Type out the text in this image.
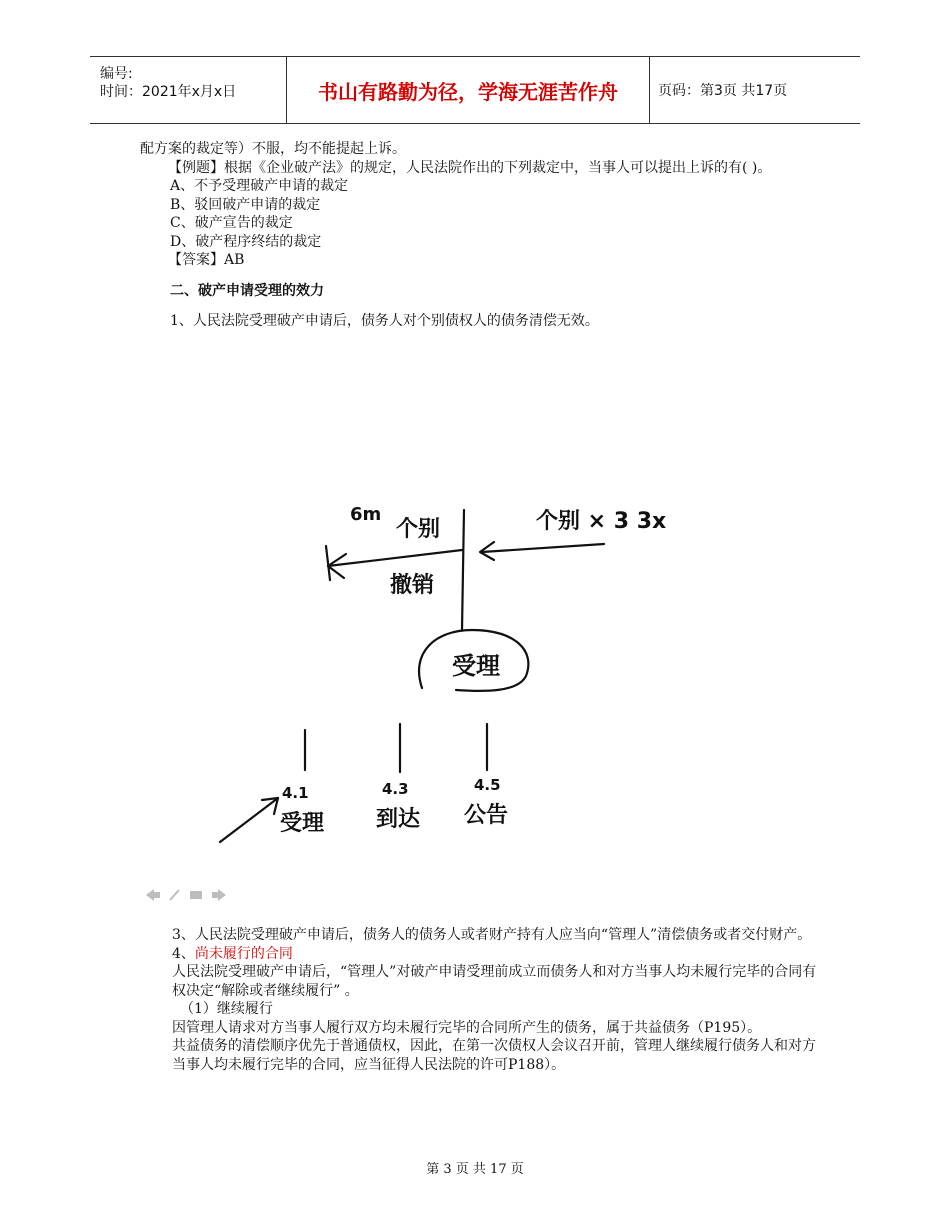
编号:
时间：2021年x月x日	书山有路勤为径，学海无涯苦作舟	页码：第3页 共17页

配方案的裁定等）不服，均不能提起上诉。

【例题】根据《企业破产法》的规定，人民法院作出的下列裁定中，当事人可以提出上诉的有( )。

A、不予受理破产申请的裁定

B、驳回破产申请的裁定

C、破产宣告的裁定

D、破产程序终结的裁定

【答案】AB

二、破产申请受理的效力

1、人民法院受理破产申请后，债务人对个别债权人的债务清偿无效。

6m
个别	个别 × 3 3x
撤销
受理
4.1	4.3	4.5
受理 到达 公告

3、人民法院受理破产申请后，债务人的债务人或者财产持有人应当向“管理人”清偿债务或者交付财产。

4、尚未履行的合同

人民法院受理破产申请后，“管理人”对破产申请受理前成立而债务人和对方当事人均未履行完毕的合同有权决定“解除或者继续履行” 。

（1）继续履行

因管理人请求对方当事人履行双方均未履行完毕的合同所产生的债务，属于共益债务（P195）。

共益债务的清偿顺序优先于普通债权，因此，在第一次债权人会议召开前，管理人继续履行债务人和对方当事人均未履行完毕的合同，应当征得人民法院的许可P188）。

第 3 页 共 17 页
